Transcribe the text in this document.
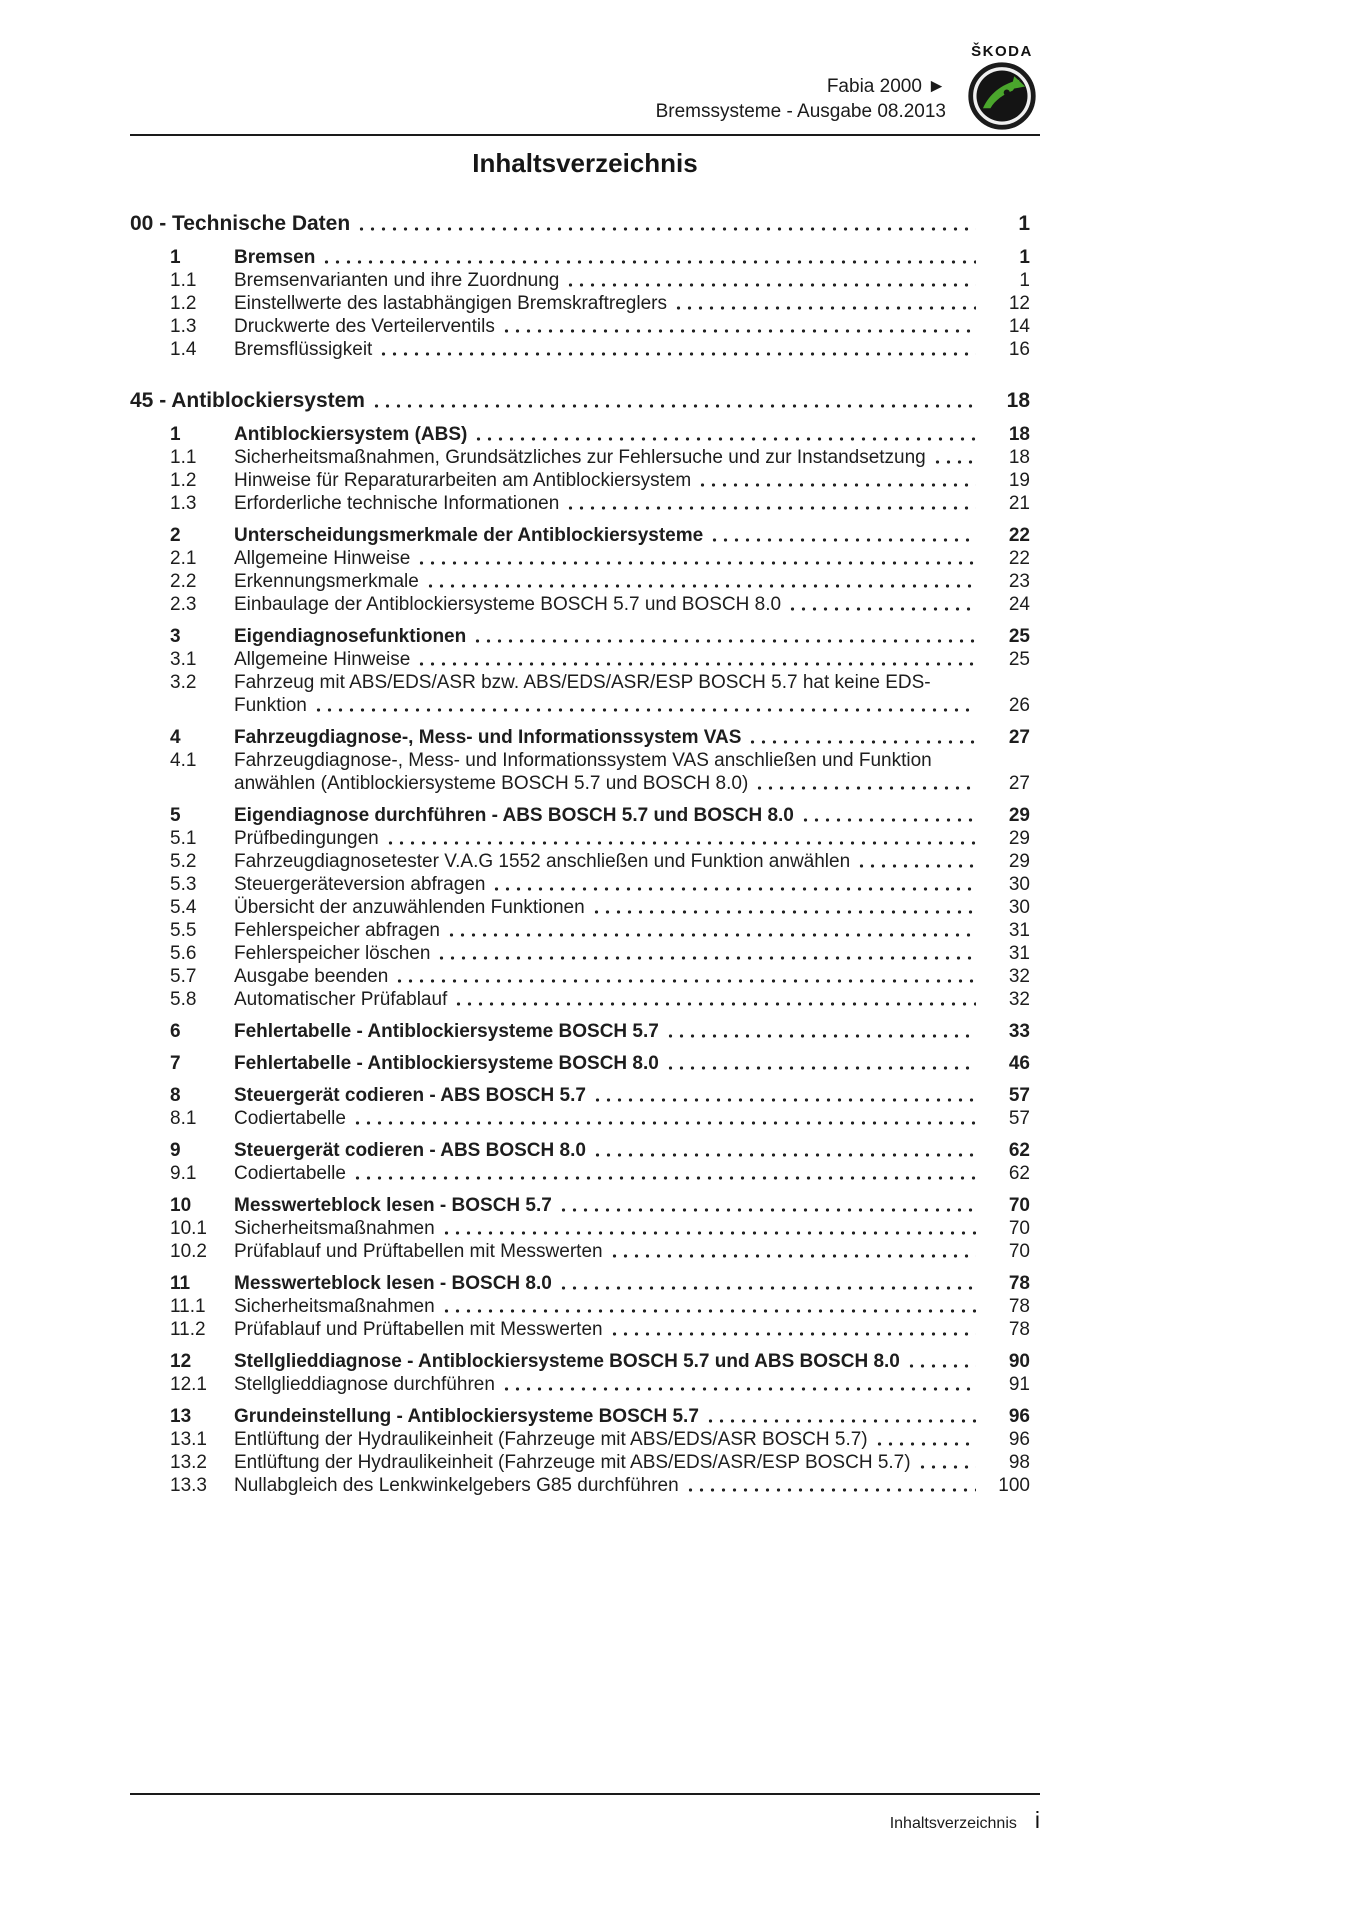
Fabia 2000 ►
Bremssysteme - Ausgabe 08.2013
ŠKODA
Inhaltsverzeichnis
00 - Technische Daten	1
1	Bremsen	1
1.1	Bremsenvarianten und ihre Zuordnung	1
1.2	Einstellwerte des lastabhängigen Bremskraftreglers	12
1.3	Druckwerte des Verteilerventils	14
1.4	Bremsflüssigkeit	16
45 - Antiblockiersystem	18
1	Antiblockiersystem (ABS)	18
1.1	Sicherheitsmaßnahmen, Grundsätzliches zur Fehlersuche und zur Instandsetzung	18
1.2	Hinweise für Reparaturarbeiten am Antiblockiersystem	19
1.3	Erforderliche technische Informationen	21
2	Unterscheidungsmerkmale der Antiblockiersysteme	22
2.1	Allgemeine Hinweise	22
2.2	Erkennungsmerkmale	23
2.3	Einbaulage der Antiblockiersysteme BOSCH 5.7 und BOSCH 8.0	24
3	Eigendiagnosefunktionen	25
3.1	Allgemeine Hinweise	25
3.2	Fahrzeug mit ABS/EDS/ASR bzw. ABS/EDS/ASR/ESP BOSCH 5.7 hat keine EDS-
Funktion	26
4	Fahrzeugdiagnose-, Mess- und Informationssystem VAS	27
4.1	Fahrzeugdiagnose-, Mess- und Informationssystem VAS anschließen und Funktion
anwählen (Antiblockiersysteme BOSCH 5.7 und BOSCH 8.0)	27
5	Eigendiagnose durchführen - ABS BOSCH 5.7 und BOSCH 8.0	29
5.1	Prüfbedingungen	29
5.2	Fahrzeugdiagnosetester V.A.G 1552 anschließen und Funktion anwählen	29
5.3	Steuergeräteversion abfragen	30
5.4	Übersicht der anzuwählenden Funktionen	30
5.5	Fehlerspeicher abfragen	31
5.6	Fehlerspeicher löschen	31
5.7	Ausgabe beenden	32
5.8	Automatischer Prüfablauf	32
6	Fehlertabelle - Antiblockiersysteme BOSCH 5.7	33
7	Fehlertabelle - Antiblockiersysteme BOSCH 8.0	46
8	Steuergerät codieren - ABS BOSCH 5.7	57
8.1	Codiertabelle	57
9	Steuergerät codieren - ABS BOSCH 8.0	62
9.1	Codiertabelle	62
10	Messwerteblock lesen - BOSCH 5.7	70
10.1	Sicherheitsmaßnahmen	70
10.2	Prüfablauf und Prüftabellen mit Messwerten	70
11	Messwerteblock lesen - BOSCH 8.0	78
11.1	Sicherheitsmaßnahmen	78
11.2	Prüfablauf und Prüftabellen mit Messwerten	78
12	Stellglieddiagnose - Antiblockiersysteme BOSCH 5.7 und ABS BOSCH 8.0	90
12.1	Stellglieddiagnose durchführen	91
13	Grundeinstellung - Antiblockiersysteme BOSCH 5.7	96
13.1	Entlüftung der Hydraulikeinheit (Fahrzeuge mit ABS/EDS/ASR BOSCH 5.7)	96
13.2	Entlüftung der Hydraulikeinheit (Fahrzeuge mit ABS/EDS/ASR/ESP BOSCH 5.7)	98
13.3	Nullabgleich des Lenkwinkelgebers G85 durchführen	100
Inhaltsverzeichnis i
